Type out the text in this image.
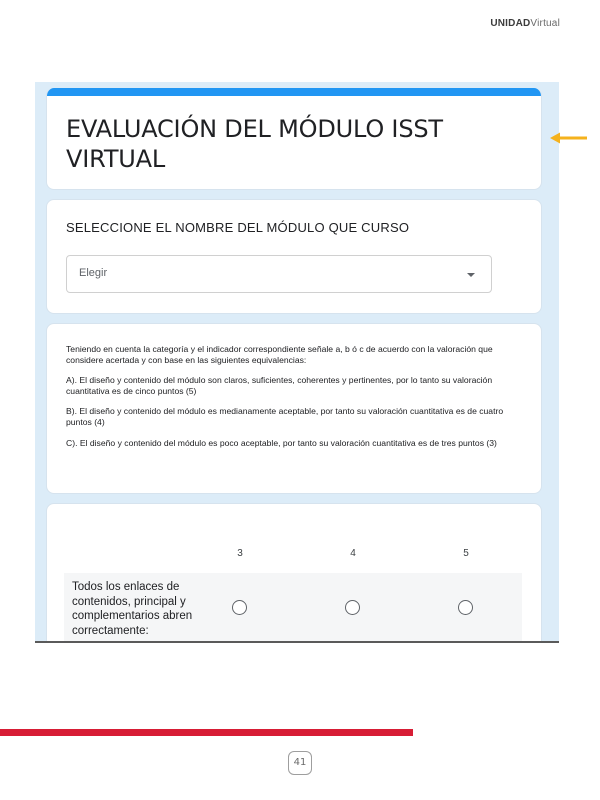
UNIDADVirtual
EVALUACIÓN DEL MÓDULO ISST VIRTUAL
SELECCIONE EL NOMBRE DEL MÓDULO QUE CURSO
Elegir

Teniendo en cuenta la categoría y el indicador correspondiente señale a, b ó c de acuerdo con la valoración que considere acertada y con base en las siguientes equivalencias:

A). El diseño y contenido del módulo son claros, suficientes, coherentes y pertinentes, por lo tanto su valoración cuantitativa es de cinco puntos (5)

B). El diseño y contenido del módulo es medianamente aceptable, por tanto su valoración cuantitativa es de cuatro puntos (4)

C). El diseño y contenido del módulo es poco aceptable, por tanto su valoración cuantitativa es de tres puntos (3)

3	4	5
Todos los enlaces de contenidos, principal y complementarios abren correctamente:
41
